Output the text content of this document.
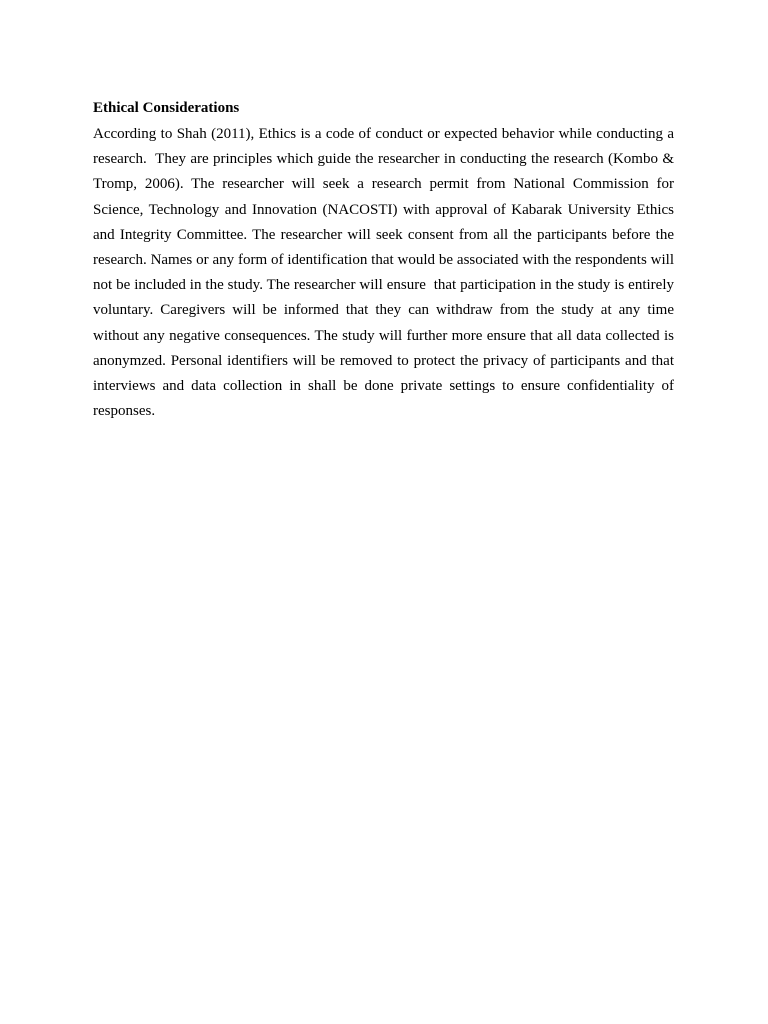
Ethical Considerations

According to Shah (2011), Ethics is a code of conduct or expected behavior while conducting a research.  They are principles which guide the researcher in conducting the research (Kombo & Tromp, 2006). The researcher will seek a research permit from National Commission for Science, Technology and Innovation (NACOSTI) with approval of Kabarak University Ethics and Integrity Committee. The researcher will seek consent from all the participants before the research. Names or any form of identification that would be associated with the respondents will not be included in the study. The researcher will ensure  that participation in the study is entirely voluntary. Caregivers will be informed that they can withdraw from the study at any time without any negative consequences. The study will further more ensure that all data collected is anonymzed. Personal identifiers will be removed to protect the privacy of participants and that interviews and data collection in shall be done private settings to ensure confidentiality of responses.
